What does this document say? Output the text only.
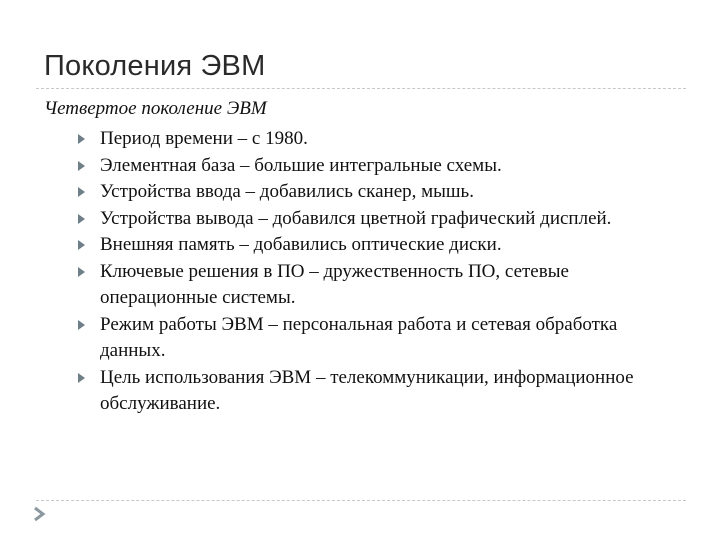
Поколения ЭВМ
Четвертое поколение ЭВМ
Период времени – с 1980.
Элементная база – большие интегральные схемы.
Устройства ввода – добавились сканер, мышь.
Устройства вывода – добавился цветной графический дисплей.
Внешняя память – добавились оптические диски.
Ключевые решения в ПО – дружественность ПО, сетевые операционные системы.
Режим работы ЭВМ – персональная работа и сетевая обработка данных.
Цель использования ЭВМ – телекоммуникации, информационное обслуживание.
